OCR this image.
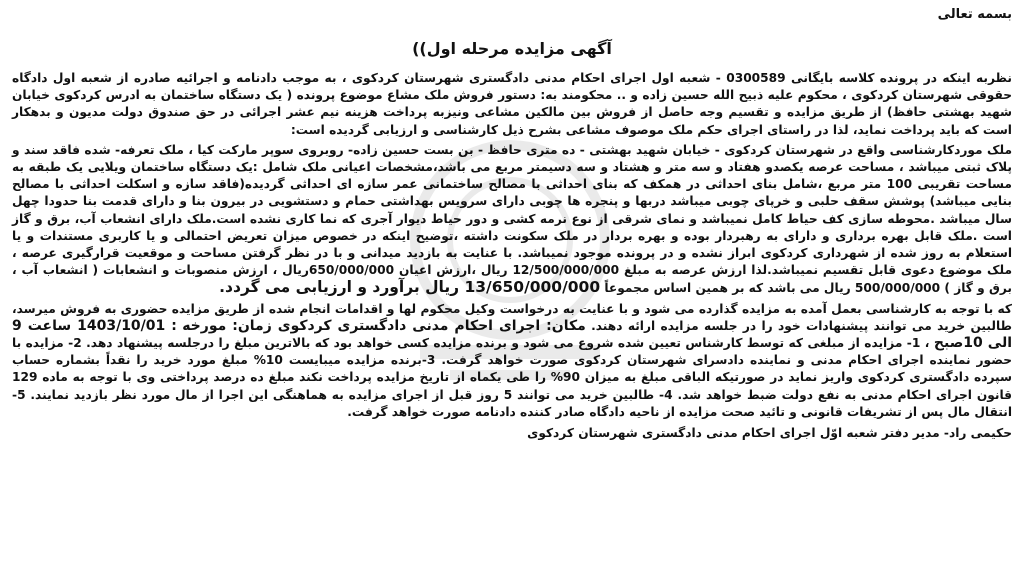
بسمه تعالی
آگهی مزایده مرحله اول))

نظربه اینکه در پرونده کلاسه بایگانی 0300589 - شعبه اول اجرای احکام مدنی دادگستری شهرستان کردکوی ، به موجب دادنامه و اجرائیه صادره از شعبه اول دادگاه حقوقی شهرستان کردکوی ، محکوم علیه ذبیح الله حسین زاده و .. محکومند به: دستور فروش ملک مشاع موضوع پرونده ( یک دستگاه ساختمان به ادرس کردکوی خیابان شهید بهشتی حافظ) از طریق مزایده و تقسیم وجه حاصل از فروش بین مالکین مشاعی ونیزبه پرداخت هزینه نیم عشر اجرائی در حق صندوق دولت مدیون و بدهکار است که باید پرداخت نماید، لذا در راستای اجرای حکم ملک موصوف مشاعی بشرح ذیل کارشناسی و ارزیابی گردیده است:

ملک موردکارشناسی واقع در شهرستان کردکوی - خیابان شهید بهشتی - ده متری حافظ - بن بست حسین زاده- روبروی سوپر مارکت کیا ، ملک تعرفه- شده فاقد سند و پلاک ثبتی میباشد ، مساحت عرصه یکصدو هفتاد و سه متر و هشتاد و سه دسیمتر مربع می باشد،مشخصات اعیانی ملک شامل :یک دستگاه ساختمان ویلایی یک طبقه به مساحت تقریبی 100 متر مربع ،شامل بنای احداثی در همکف که بنای احداثی با مصالح ساختمانی عمر سازه ای احداثی گردیده(فاقد سازه و اسکلت احداثی با مصالح بنایی میباشد) پوشش سقف حلبی و خرپای چوبی میباشد دربها و پنجره ها چوبی دارای سرویس بهداشتی حمام و دستشویی در بیرون بنا و دارای قدمت بنا حدودا چهل سال میباشد .محوطه سازی کف حیاط کامل نمیباشد و نمای شرقی از نوع نرمه کشی و دور حیاط دیوار آجری که نما کاری نشده است.ملک دارای انشعاب آب، برق و گاز است .ملک قابل بهره برداری و دارای به رهبردار بوده و بهره بردار در ملک سکونت داشته ،توضیح اینکه در خصوص میزان تعریض احتمالی و یا کاربری مستندات و یا استعلام به روز شده از شهرداری کردکوی ابراز نشده و در پرونده موجود نمیباشد. با عنایت به بازدید میدانی و با در نظر گرفتن مساحت و موقعیت قرارگیری عرصه ، ملک موضوع دعوی قابل تقسیم نمیباشد.لذا ارزش عرصه به مبلغ 12/500/000/000 ریال ،ارزش اعیان 650/000/000ریال ، ارزش منصوبات و انشعابات ( انشعاب آب ، برق و گاز ) 500/000/000 ریال می باشد که بر همین اساس مجموعاً 13/650/000/000 ریال برآورد و ارزیابی می گردد.

که با توجه به کارشناسی بعمل آمده به مزایده گذارده می شود و با عنایت به درخواست وکیل محکوم لها و اقدامات انجام شده از طریق مزایده حضوری به فروش میرسد، طالبین خرید می توانند پیشنهادات خود را در جلسه مزایده ارائه دهند. مکان: اجرای احکام مدنی دادگستری کردکوی زمان: مورخه : 1403/10/01 ساعت 9 الی 10صبح ، 1- مزایده از مبلغی که توسط کارشناس تعیین شده شروع می شود و برنده مزایده کسی خواهد بود که بالاترین مبلغ را درجلسه پیشنهاد دهد. 2- مزایده با حضور نماینده اجرای احکام مدنی و نماینده دادسرای شهرستان کردکوی صورت خواهد گرفت. 3-برنده مزایده میبایست 10% مبلغ مورد خرید را نقداً بشماره حساب سپرده دادگستری کردکوی واریز نماید در صورتیکه الباقی مبلغ به میزان 90% را طی یکماه از تاریخ مزایده پرداخت نکند مبلغ ده درصد پرداختی وی با توجه به ماده 129 قانون اجرای احکام مدنی به نفع دولت ضبط خواهد شد. 4- طالبین خرید می توانند 5 روز قبل از اجرای مزایده به هماهنگی این اجرا از مال مورد نظر بازدید نمایند. 5- انتقال مال پس از تشریفات قانونی و تائید صحت مزایده از ناحیه دادگاه صادر کننده دادنامه صورت خواهد گرفت.

حکیمی راد- مدیر دفتر شعبه اوّل اجرای احکام مدنی دادگستری شهرستان کردکوی
